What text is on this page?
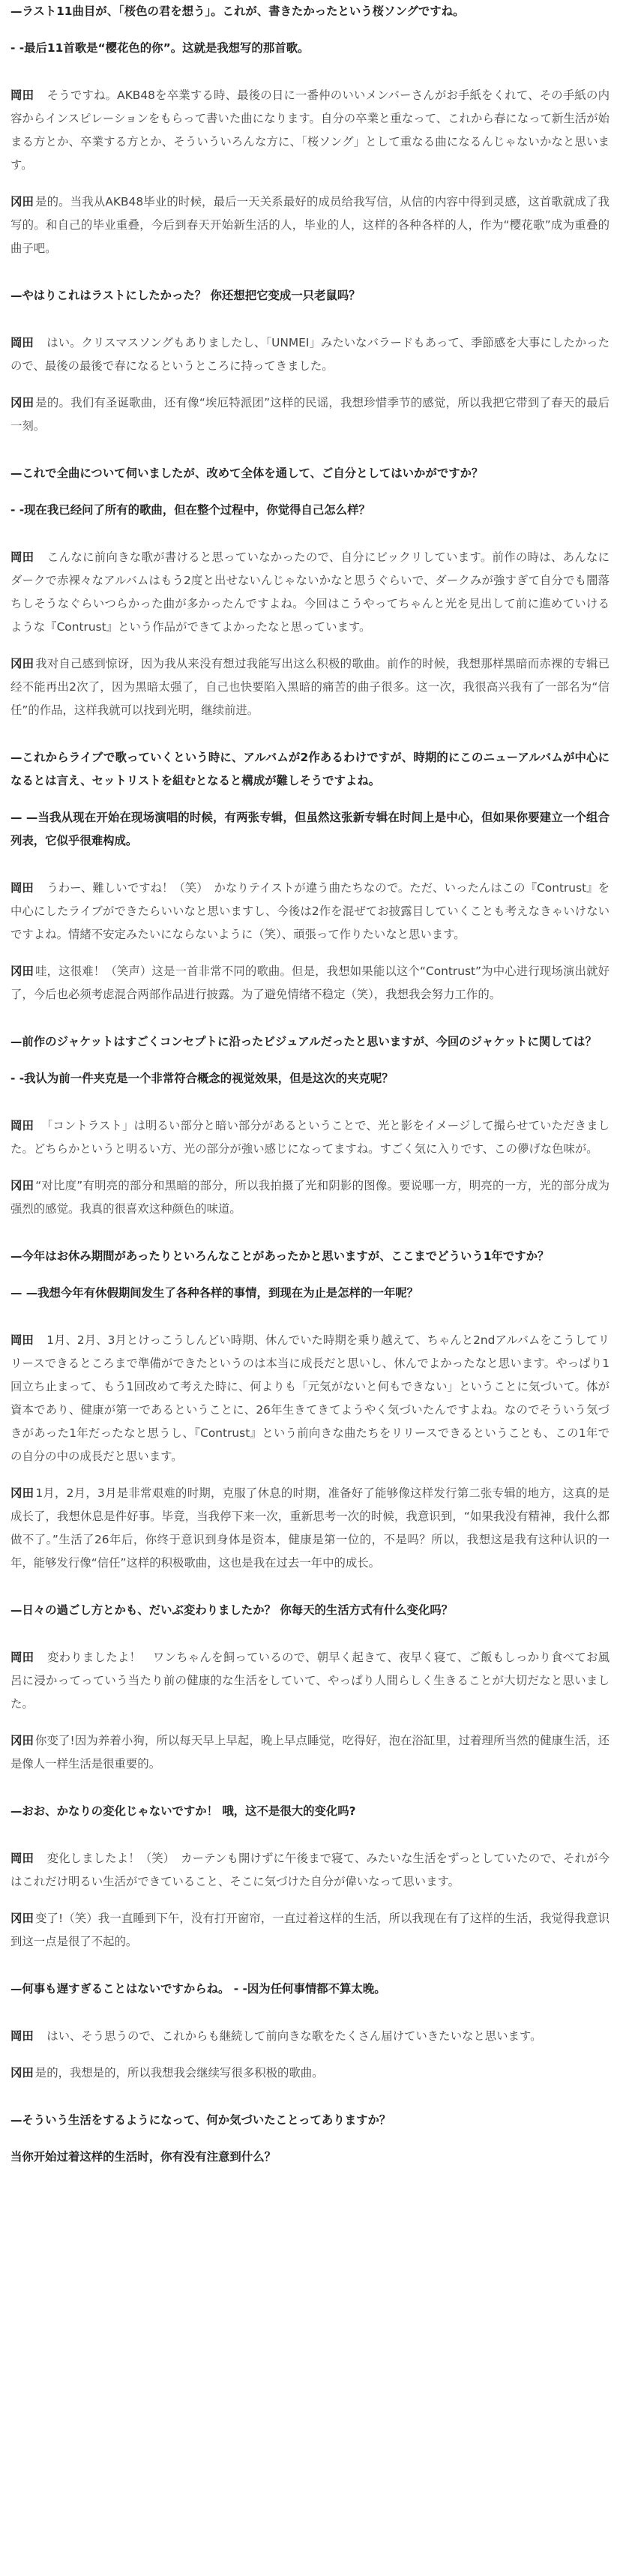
—ラスト11曲目が、「桜色の君を想う」。これが、書きたかったという桜ソングですね。

- -最后11首歌是“樱花色的你”。这就是我想写的那首歌。

岡田　 そうですね。AKB48を卒業する時、最後の日に一番仲のいいメンバーさんがお手紙をくれて、その手紙の内容からインスピレーションをもらって書いた曲になります。自分の卒業と重なって、これから春になって新生活が始まる方とか、卒業する方とか、そういういろんな方に、「桜ソング」として重なる曲になるんじゃないかなと思います。

冈田 是的。当我从AKB48毕业的时候，最后一天关系最好的成员给我写信，从信的内容中得到灵感，这首歌就成了我写的。和自己的毕业重叠，今后到春天开始新生活的人，毕业的人，这样的各种各样的人，作为“樱花歌”成为重叠的曲子吧。

—やはりこれはラストにしたかった？ 你还想把它变成一只老鼠吗？

岡田　 はい。クリスマスソングもありましたし、「UNMEI」みたいなバラードもあって、季節感を大事にしたかったので、最後の最後で春になるというところに持ってきました。

冈田 是的。我们有圣诞歌曲，还有像“埃厄特派团”这样的民谣，我想珍惜季节的感觉，所以我把它带到了春天的最后一刻。

—これで全曲について伺いましたが、改めて全体を通して、ご自分としてはいかがですか？

- -现在我已经问了所有的歌曲，但在整个过程中，你觉得自己怎么样？

岡田　 こんなに前向きな歌が書けると思っていなかったので、自分にビックリしています。前作の時は、あんなにダークで赤裸々なアルバムはもう2度と出せないんじゃないかなと思うぐらいで、ダークみが強すぎて自分でも闇落ちしそうなぐらいつらかった曲が多かったんですよね。今回はこうやってちゃんと光を見出して前に進めていけるような『Contrust』という作品ができてよかったなと思っています。

冈田 我对自己感到惊讶，因为我从来没有想过我能写出这么积极的歌曲。前作的时候，我想那样黑暗而赤裸的专辑已经不能再出2次了，因为黑暗太强了，自己也快要陷入黑暗的痛苦的曲子很多。这一次，我很高兴我有了一部名为“信任”的作品，这样我就可以找到光明，继续前进。

—これからライブで歌っていくという時に、アルバムが2作あるわけですが、時期的にこのニューアルバムが中心になるとは言え、セットリストを組むとなると構成が難しそうですよね。

— —当我从现在开始在现场演唱的时候，有两张专辑，但虽然这张新专辑在时间上是中心，但如果你要建立一个组合列表，它似乎很难构成。

岡田　 うわー、難しいですね！（笑）　かなりテイストが違う曲たちなので。ただ、いったんはこの『Contrust』を中心にしたライブができたらいいなと思いますし、今後は2作を混ぜてお披露目していくことも考えなきゃいけないですよね。情緒不安定みたいにならないように（笑）、頑張って作りたいなと思います。

冈田 哇，这很难！（笑声）这是一首非常不同的歌曲。但是，我想如果能以这个“Contrust”为中心进行现场演出就好了，今后也必须考虑混合两部作品进行披露。为了避免情绪不稳定（笑），我想我会努力工作的。

—前作のジャケットはすごくコンセプトに沿ったビジュアルだったと思いますが、今回のジャケットに関しては？

- -我认为前一件夹克是一个非常符合概念的视觉效果，但是这次的夹克呢？

岡田　 「コントラスト」は明るい部分と暗い部分があるということで、光と影をイメージして撮らせていただきました。どちらかというと明るい方、光の部分が強い感じになってますね。すごく気に入りです、この儚げな色味が。

冈田 “对比度”有明亮的部分和黑暗的部分，所以我拍摄了光和阴影的图像。要说哪一方，明亮的一方，光的部分成为强烈的感觉。我真的很喜欢这种颜色的味道。

—今年はお休み期間があったりといろんなことがあったかと思いますが、ここまでどういう1年ですか？

— —我想今年有休假期间发生了各种各样的事情，到现在为止是怎样的一年呢？

岡田　 1月、2月、3月とけっこうしんどい時期、休んでいた時期を乗り越えて、ちゃんと2ndアルバムをこうしてリリースできるところまで準備ができたというのは本当に成長だと思いし、休んでよかったなと思います。やっぱり1回立ち止まって、もう1回改めて考えた時に、何よりも「元気がないと何もできない」ということに気づいて。体が資本であり、健康が第一であるということに、26年生きてきてようやく気づいたんですよね。なのでそういう気づきがあった1年だったなと思うし、『Contrust』という前向きな曲たちをリリースできるということも、この1年での自分の中の成長だと思います。

冈田 1月，2月，3月是非常艰难的时期，克服了休息的时期，准备好了能够像这样发行第二张专辑的地方，这真的是成长了，我想休息是件好事。毕竟，当我停下来一次，重新思考一次的时候，我意识到，“如果我没有精神，我什么都做不了。”生活了26年后，你终于意识到身体是资本，健康是第一位的，不是吗？所以，我想这是我有这种认识的一年，能够发行像“信任”这样的积极歌曲，这也是我在过去一年中的成长。

—日々の過ごし方とかも、だいぶ変わりましたか？ 你每天的生活方式有什么变化吗？

岡田　 変わりましたよ！　ワンちゃんを飼っているので、朝早く起きて、夜早く寝て、ご飯もしっかり食べてお風呂に浸かってっていう当たり前の健康的な生活をしていて、やっぱり人間らしく生きることが大切だなと思いました。

冈田 你变了!因为养着小狗，所以每天早上早起，晚上早点睡觉，吃得好，泡在浴缸里，过着理所当然的健康生活，还是像人一样生活是很重要的。

—おお、かなりの変化じゃないですか！ 哦，这不是很大的变化吗?

岡田　 変化しましたよ！（笑）　カーテンも開けずに午後まで寝て、みたいな生活をずっとしていたので、それが今はこれだけ明るい生活ができていること、そこに気づけた自分が偉いなって思います。

冈田 变了!（笑）我一直睡到下午，没有打开窗帘，一直过着这样的生活，所以我现在有了这样的生活，我觉得我意识到这一点是很了不起的。

—何事も遅すぎることはないですからね。 - -因为任何事情都不算太晚。

岡田　 はい、そう思うので、これからも継続して前向きな歌をたくさん届けていきたいなと思います。

冈田 是的，我想是的，所以我想我会继续写很多积极的歌曲。

—そういう生活をするようになって、何か気づいたことってありますか？

当你开始过着这样的生活时，你有没有注意到什么？
